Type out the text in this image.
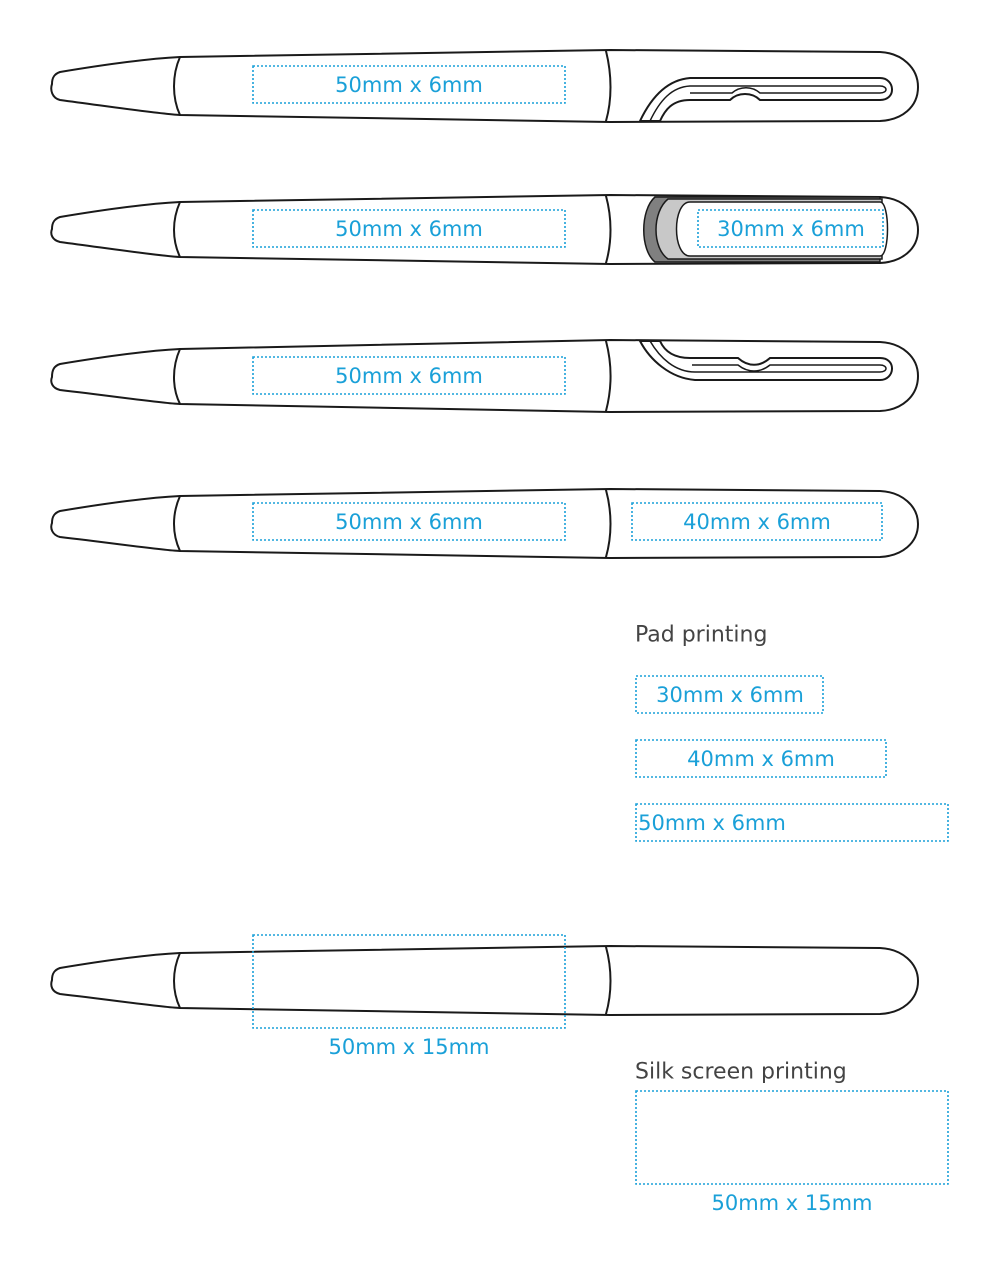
50mm x 6mm
50mm x 6mm	30mm x 6mm
50mm x 6mm
50mm x 6mm	40mm x 6mm
Pad printing
30mm x 6mm
40mm x 6mm
50mm x 6mm
50mm x 15mm
Silk screen printing
50mm x 15mm
